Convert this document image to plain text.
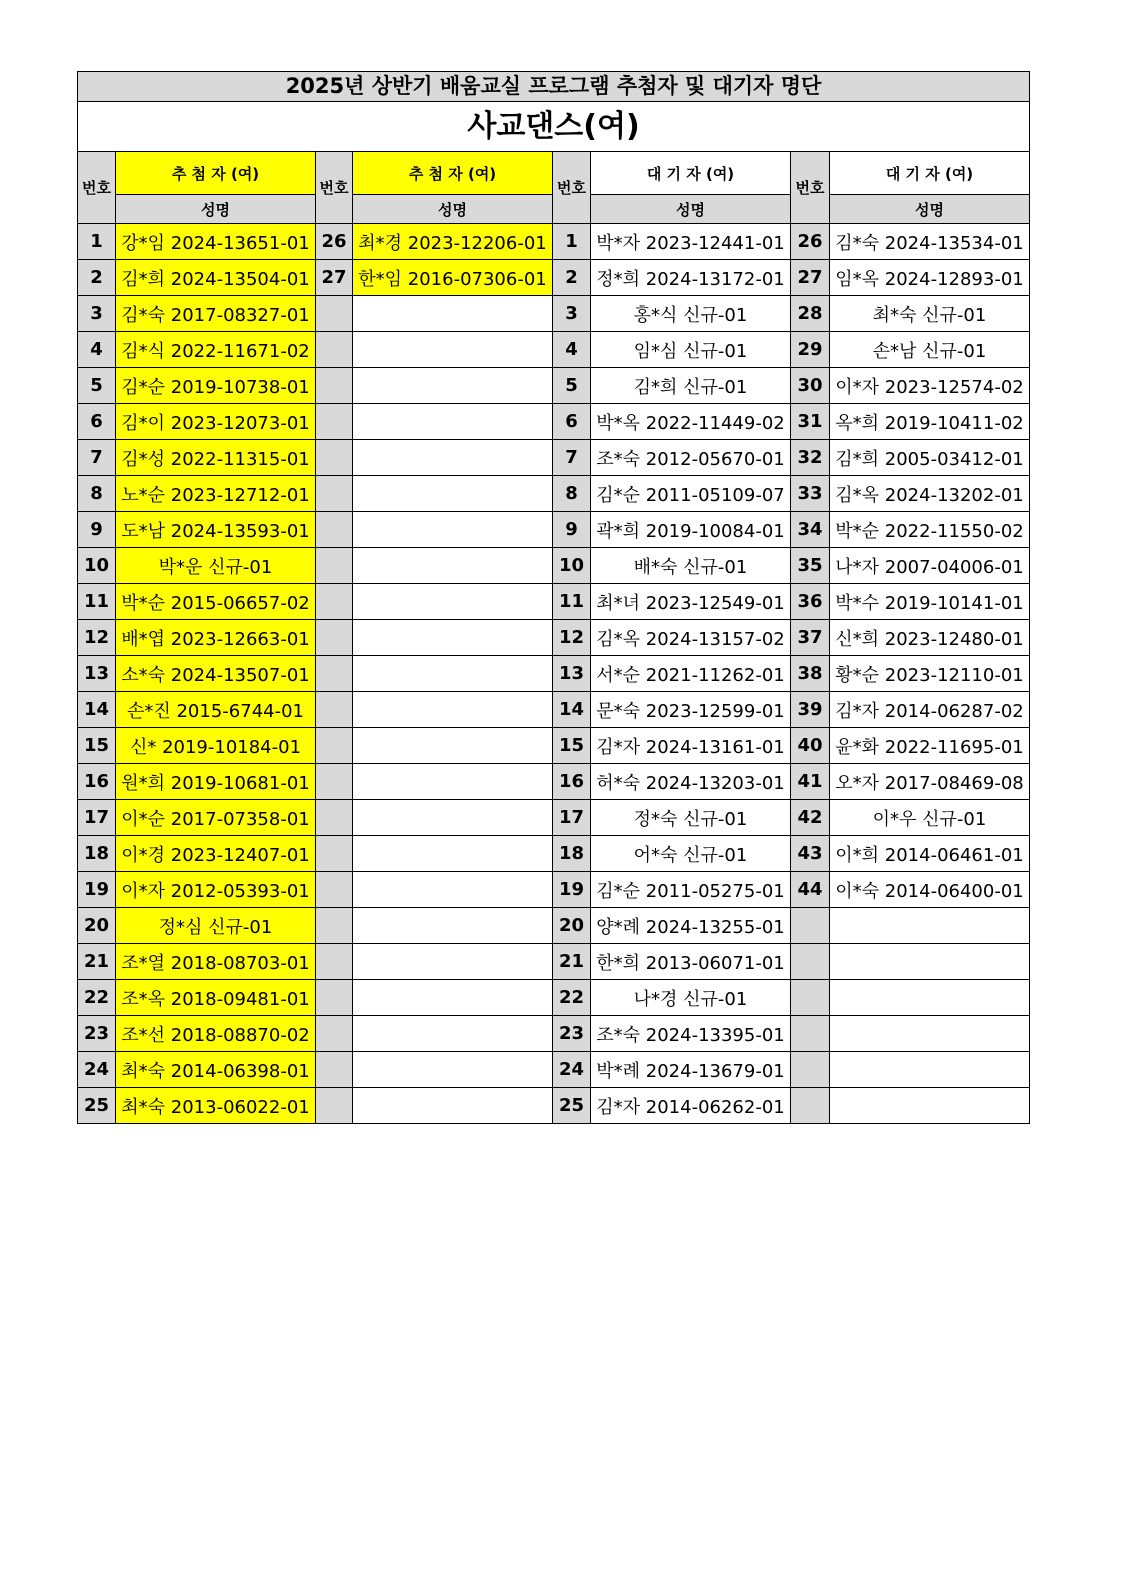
2025년 상반기 배움교실 프로그램 추첨자 및 대기자 명단							
사교댄스(여)							
번호	추 첨 자 (여)	번호	추 첨 자 (여)	번호	대 기 자 (여)	번호	대 기 자 (여)
	성명		성명		성명		성명
1	강*임 2024-13651-01	26	최*경 2023-12206-01	1	박*자 2023-12441-01	26	김*숙 2024-13534-01
2	김*희 2024-13504-01	27	한*임 2016-07306-01	2	정*희 2024-13172-01	27	임*옥 2024-12893-01
3	김*숙 2017-08327-01			3	홍*식 신규-01	28	최*숙 신규-01
4	김*식 2022-11671-02			4	임*심 신규-01	29	손*남 신규-01
5	김*순 2019-10738-01			5	김*희 신규-01	30	이*자 2023-12574-02
6	김*이 2023-12073-01			6	박*옥 2022-11449-02	31	옥*희 2019-10411-02
7	김*성 2022-11315-01			7	조*숙 2012-05670-01	32	김*희 2005-03412-01
8	노*순 2023-12712-01			8	김*순 2011-05109-07	33	김*옥 2024-13202-01
9	도*남 2024-13593-01			9	곽*희 2019-10084-01	34	박*순 2022-11550-02
10	박*운 신규-01			10	배*숙 신규-01	35	나*자 2007-04006-01
11	박*순 2015-06657-02			11	최*녀 2023-12549-01	36	박*수 2019-10141-01
12	배*엽 2023-12663-01			12	김*옥 2024-13157-02	37	신*희 2023-12480-01
13	소*숙 2024-13507-01			13	서*순 2021-11262-01	38	황*순 2023-12110-01
14	손*진 2015-6744-01			14	문*숙 2023-12599-01	39	김*자 2014-06287-02
15	신* 2019-10184-01			15	김*자 2024-13161-01	40	윤*화 2022-11695-01
16	원*희 2019-10681-01			16	허*숙 2024-13203-01	41	오*자 2017-08469-08
17	이*순 2017-07358-01			17	정*숙 신규-01	42	이*우 신규-01
18	이*경 2023-12407-01			18	어*숙 신규-01	43	이*희 2014-06461-01
19	이*자 2012-05393-01			19	김*순 2011-05275-01	44	이*숙 2014-06400-01
20	정*심 신규-01			20	양*례 2024-13255-01		
21	조*열 2018-08703-01			21	한*희 2013-06071-01		
22	조*옥 2018-09481-01			22	나*경 신규-01		
23	조*선 2018-08870-02			23	조*숙 2024-13395-01		
24	최*숙 2014-06398-01			24	박*례 2024-13679-01		
25	최*숙 2013-06022-01			25	김*자 2014-06262-01		
